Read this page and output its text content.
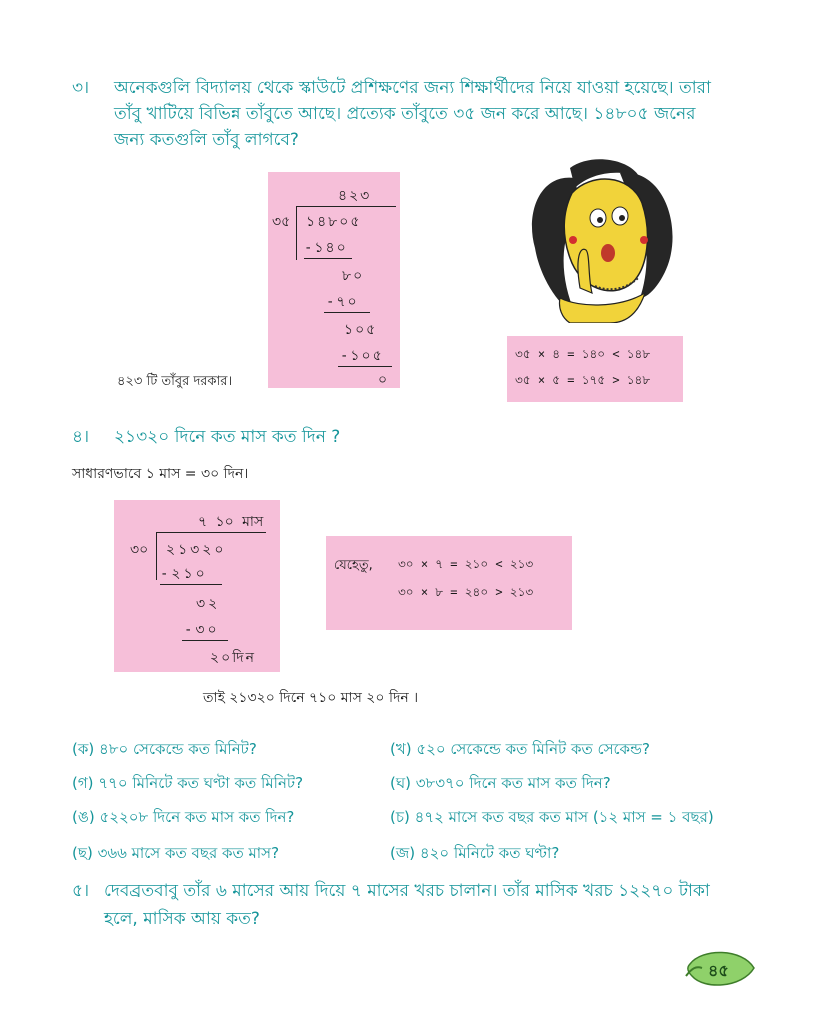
৩। অনেকগুলি বিদ্যালয় থেকে স্কাউটে প্রশিক্ষণের জন্য শিক্ষার্থীদের নিয়ে যাওয়া হয়েছে। তারা
তাঁবু খাটিয়ে বিভিন্ন তাঁবুতে আছে। প্রত্যেক তাঁবুতে ৩৫ জন করে আছে। ১৪৮০৫ জনের
জন্য কতগুলি তাঁবু লাগবে?
৪২৩
৩৫ ১৪৮০৫
-১৪০
৮০
-৭০
১০৫
-১০৫
০
৪২৩ টি তাঁবুর দরকার।
৩৫ × ৪ = ১৪০ < ১৪৮
৩৫ × ৫ = ১৭৫ > ১৪৮
৪। ২১৩২০ দিনে কত মাস কত দিন ?
সাধারণভাবে ১ মাস = ৩০ দিন।
৭ ১০ মাস
৩০ ২১৩২০
-২১০
৩২
-৩০
২০দিন
যেহেতু, ৩০ × ৭ = ২১০ < ২১৩
৩০ × ৮ = ২৪০ > ২১৩
তাই ২১৩২০ দিনে ৭১০ মাস ২০ দিন ।
(ক) ৪৮০ সেকেন্ডে কত মিনিট?	(খ) ৫২০ সেকেন্ডে কত মিনিট কত সেকেন্ড?
(গ) ৭৭০ মিনিটে কত ঘণ্টা কত মিনিট?	(ঘ) ৩৮৩৭০ দিনে কত মাস কত দিন?
(ঙ) ৫২২০৮ দিনে কত মাস কত দিন?	(চ) ৪৭২ মাসে কত বছর কত মাস (১২ মাস = ১ বছর)
(ছ) ৩৬৬ মাসে কত বছর কত মাস?	(জ) ৪২০ মিনিটে কত ঘণ্টা?
৫। দেবব্রতবাবু তাঁর ৬ মাসের আয় দিয়ে ৭ মাসের খরচ চালান। তাঁর মাসিক খরচ ১২২৭০ টাকা
হলে, মাসিক আয় কত?
৪৫
